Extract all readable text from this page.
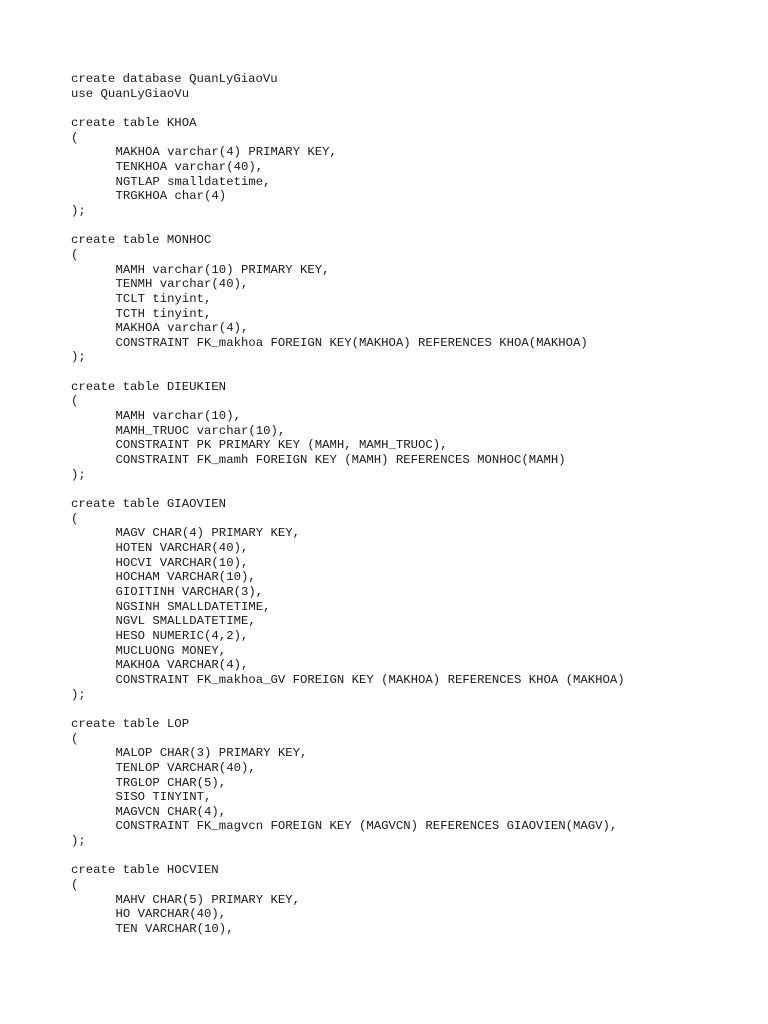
create database QuanLyGiaoVu
use QuanLyGiaoVu
create table KHOA
(
MAKHOA varchar(4) PRIMARY KEY,
TENKHOA varchar(40),
NGTLAP smalldatetime,
TRGKHOA char(4)
);
create table MONHOC
(
MAMH varchar(10) PRIMARY KEY,
TENMH varchar(40),
TCLT tinyint,
TCTH tinyint,
MAKHOA varchar(4),
CONSTRAINT FK_makhoa FOREIGN KEY(MAKHOA) REFERENCES KHOA(MAKHOA)
);
create table DIEUKIEN
(
MAMH varchar(10),
MAMH_TRUOC varchar(10),
CONSTRAINT PK PRIMARY KEY (MAMH, MAMH_TRUOC),
CONSTRAINT FK_mamh FOREIGN KEY (MAMH) REFERENCES MONHOC(MAMH)
);
create table GIAOVIEN
(
MAGV CHAR(4) PRIMARY KEY,
HOTEN VARCHAR(40),
HOCVI VARCHAR(10),
HOCHAM VARCHAR(10),
GIOITINH VARCHAR(3),
NGSINH SMALLDATETIME,
NGVL SMALLDATETIME,
HESO NUMERIC(4,2),
MUCLUONG MONEY,
MAKHOA VARCHAR(4),
CONSTRAINT FK_makhoa_GV FOREIGN KEY (MAKHOA) REFERENCES KHOA (MAKHOA)
);
create table LOP
(
MALOP CHAR(3) PRIMARY KEY,
TENLOP VARCHAR(40),
TRGLOP CHAR(5),
SISO TINYINT,
MAGVCN CHAR(4),
CONSTRAINT FK_magvcn FOREIGN KEY (MAGVCN) REFERENCES GIAOVIEN(MAGV),
);
create table HOCVIEN
(
MAHV CHAR(5) PRIMARY KEY,
HO VARCHAR(40),
TEN VARCHAR(10),
